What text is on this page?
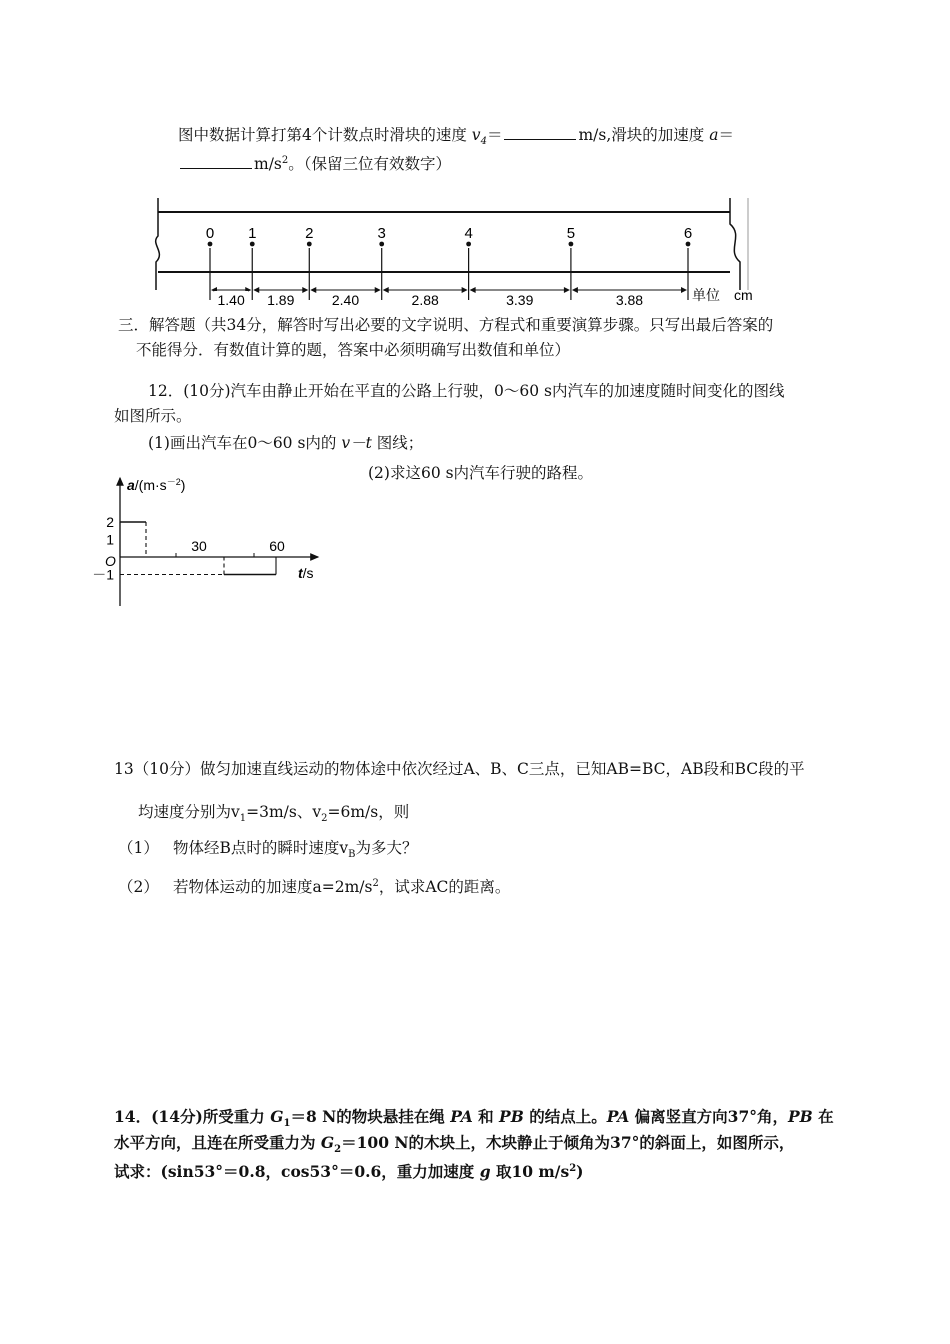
图中数据计算打第4个计数点时滑块的速度 $v_4=$	m/s,滑块的加速度 a＝
$m/s^2$。（保留三位有效数字）
0 1	2	3	4	5	6
1.40 1.89	2.40	2.88	3.39	3.88	单位 cm
三．解答题（共34分，解答时写出必要的文字说明、方程式和重要演算步骤。只写出最后答案的
不能得分．有数值计算的题，答案中必须明确写出数值和单位）
12．(10分)汽车由静止开始在平直的公路上行驶，0～60 s内汽车的加速度随时间变化的图线
如图所示。
(1)画出汽车在0～60 s内的 v－t 图线；
(2)求这60 s内汽车行驶的路程。
$a/(m\cdot s^{-2})$
t/s
O
2
1
－1
30	60
13（10分）做匀加速直线运动的物体途中依次经过A、B、C三点，已知AB=BC，AB段和BC段的平
均速度分别为$v_1=3m/s$、$v_2=6m/s$，则
（1） 物体经B点时的瞬时速度$v_B$为多大？
（2） 若物体运动的加速度$a=2m/s^2$，试求AC的距离。
14．(14分)所受重力 $G_1=8$ N的物块悬挂在绳 PA 和 PB 的结点上。PA 偏离竖直方向37°角，PB 在
水平方向，且连在所受重力为 $G_2=100$ N的木块上，木块静止于倾角为37°的斜面上，如图所示，
试求：(sin53°＝0.8，cos53°＝0.6，重力加速度 g 取10 $m/s^2$)
